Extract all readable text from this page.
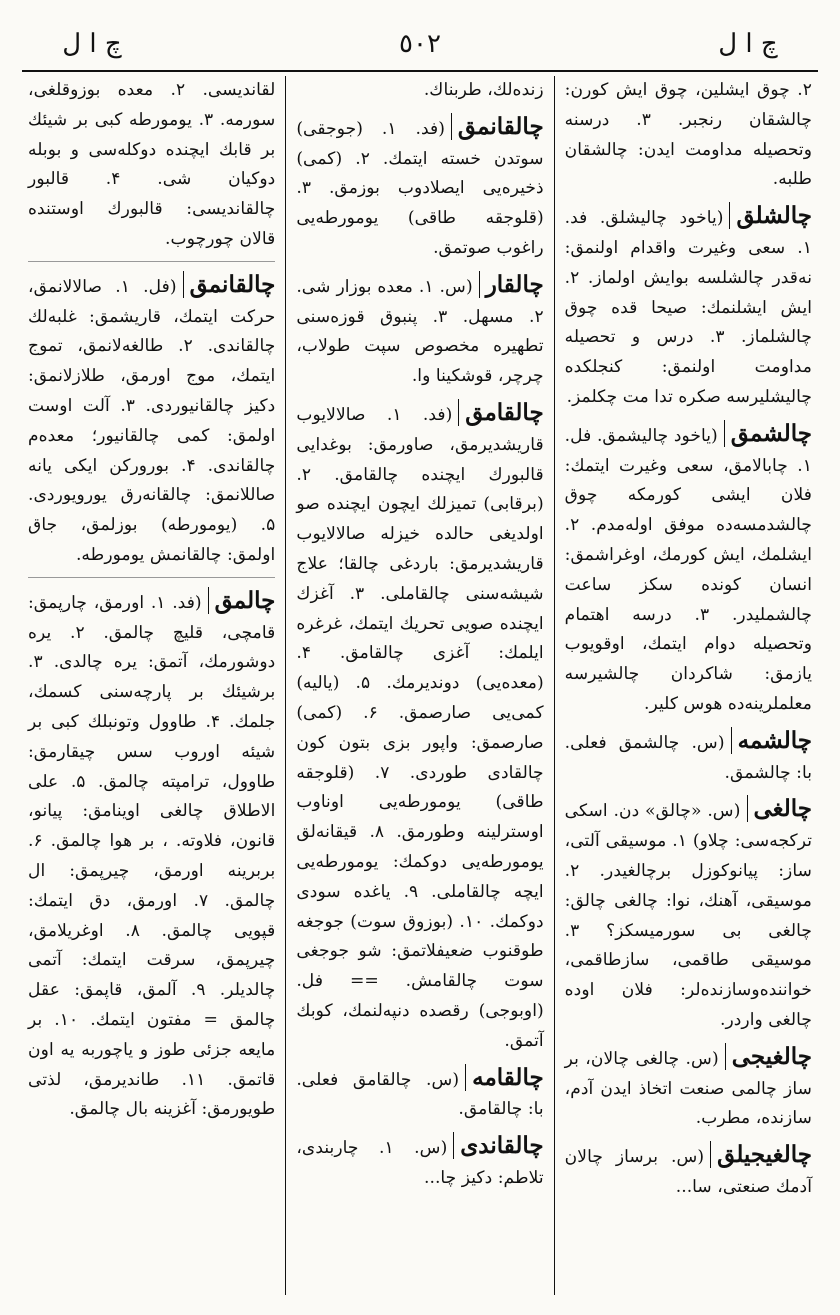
چ ا ل
٥٠٢
چ ا ل
۲. چوق ایشلین، چوق ایش کورن: چالشقان رنجبر. ۳. درسنه وتحصیله مداومت ایدن: چالشقان طلبه.
چالشلق(یاخود چالیشلق. فد. ۱. سعی وغیرت واقدام اولنمق: نه‌قدر چالشلسه بوایش اولماز. ۲. ایش ایشلنمك: صیحا قده چوق چالشلماز. ۳. درس و تحصیله مداومت اولنمق: کنجلکده چالیشلیرسه صکره تدا مت چکلمز.
چالشمق(یاخود چالیشمق. فل. ۱. چابالامق، سعی وغیرت ایتمك: فلان ایشی کورمکه چوق چالشدمسه‌ده موفق اوله‌مدم. ۲. ایشلمك، ایش کورمك، اوغراشمق: انسان کونده سکز ساعت چالشملیدر. ۳. درسه اهتمام وتحصیله دوام ایتمك، اوقویوب یازمق: شاکردان چالشیرسه معلملرینه‌ده هوس کلیر.
چالشمه(س. چالشمق فعلی. با: چالشمق.
چالغی(س. «چالق» دن. اسکی ترکجه‌سی: چلاو) ۱. موسیقی آلتی، ساز: پیانوکوزل برچالغیدر. ۲. موسیقی، آهنك، نوا: چالغی چالق: چالغی بی سورمیسکز؟ ۳. موسیقی طاقمی، سازطاقمی، خواننده‌وسازنده‌لر: فلان اوده چالغی واردر.
چالغیجی(س. چالغی چالان، بر ساز چالمی صنعت اتخاذ ایدن آدم، سازنده، مطرب.
چالغیجیلق(س. برساز چالان آدمك صنعتی، سا...
زنده‌لك، طربناك.
چالقانمق(فد. ۱. (جوجقی) سوتدن خسته ایتمك. ۲. (کمی) ذخیره‌یی ایصلادوب بوزمق. ۳. (قلوجقه طاقی) یومورطه‌یی راغوب صوتمق.
چالقار(س. ۱. معده بوزار شی. ۲. مسهل. ۳. پنبوق قوزه‌سنی تطهیره مخصوص سپت طولاب، چرچر، قوشکینا وا.
چالقامق(فد. ۱. صالالایوب قاریشدیرمق، صاورمق: بوغدایی قالبورك ایچنده چالقامق. ۲. (برقابی) تمیزلك ایچون ایچنده صو اولدیغی حالده خیزله صالالایوب قاریشدیرمق: باردغی چالقا؛ علاج شیشه‌سنی چالقاملی. ۳. آغزك ایچنده صویی تحریك ایتمك، غرغره ایلمك: آغزی چالقامق. ۴. (معده‌یی) دوندیرمك. ۵. (یالیه) کمی‌یی صارصمق. ۶. (کمی) صارصمق: واپور بزی بتون کون چالقادی طوردی. ۷. (قلوجقه طاقی) یومورطه‌یی اوناوب اوسترلینه وطورمق. ۸. قیقانه‌لق یومورطه‌یی دوکمك: یومورطه‌یی ایچه چالقاملی. ۹. یاغده سودی دوکمك. ۱۰. (بوزوق سوت) جوجغه طوقنوب ضعیفلاتمق: شو جوجغی سوت چالقامش. == فل. (اوبوجی) رقصده دنپه‌لنمك، کوبك آتمق.
چالقامه(س. چالقامق فعلی. با: چالقامق.
چالقاندی(س. ۱. چاربندی، تلاطم: دکیز چا...
لقاندیسی. ۲. معده بوزوقلغی، سورمه. ۳. یومورطه کبی بر شیئك بر قابك ایچنده دوکله‌سی و بوبله دوکیان شی. ۴. قالبور چالقاندیسی: قالبورك اوستنده قالان چورچوب.
چالقانمق(فل. ۱. صالالانمق، حرکت ایتمك، قاریشمق: غلبه‌لك چالقاندی. ۲. طالغه‌لانمق، تموج ایتمك، موج اورمق، طلازلانمق: دکیز چالقانیوردی. ۳. آلت اوست اولمق: کمی چالقانیور؛ معده‌م چالقاندی. ۴. بورورکن ایکی یانه صاللانمق: چالقانه‌رق یورویوردی. ۵. (یومورطه) بوزلمق، جاق اولمق: چالقانمش یومورطه.
چالمق(فد. ۱. اورمق، چارپمق: قامچی، قلیچ چالمق. ۲. یره دوشورمك، آتمق: یره چالدی. ۳. برشیئك بر پارچه‌سنی کسمك، جلمك. ۴. طاوول وتونبلك کبی بر شیئه اوروب سس چیقارمق: طاوول، ترامپته چالمق. ۵. علی الاطلاق چالغی اوینامق: پیانو، قانون، فلاوته. ، بر هوا چالمق. ۶. بربرینه اورمق، چیرپمق: ال چالمق. ۷. اورمق، دق ایتمك: قپویی چالمق. ۸. اوغریلامق، چیرپمق، سرقت ایتمك: آتمی چالدیلر. ۹. آلمق، قاپمق: عقل چالمق = مفتون ایتمك. ۱۰. بر مایعه جزئی طوز و یاچوربه یه اون قاتمق. ۱۱. طاندیرمق، لذتی طویورمق: آغزینه بال چالمق.
